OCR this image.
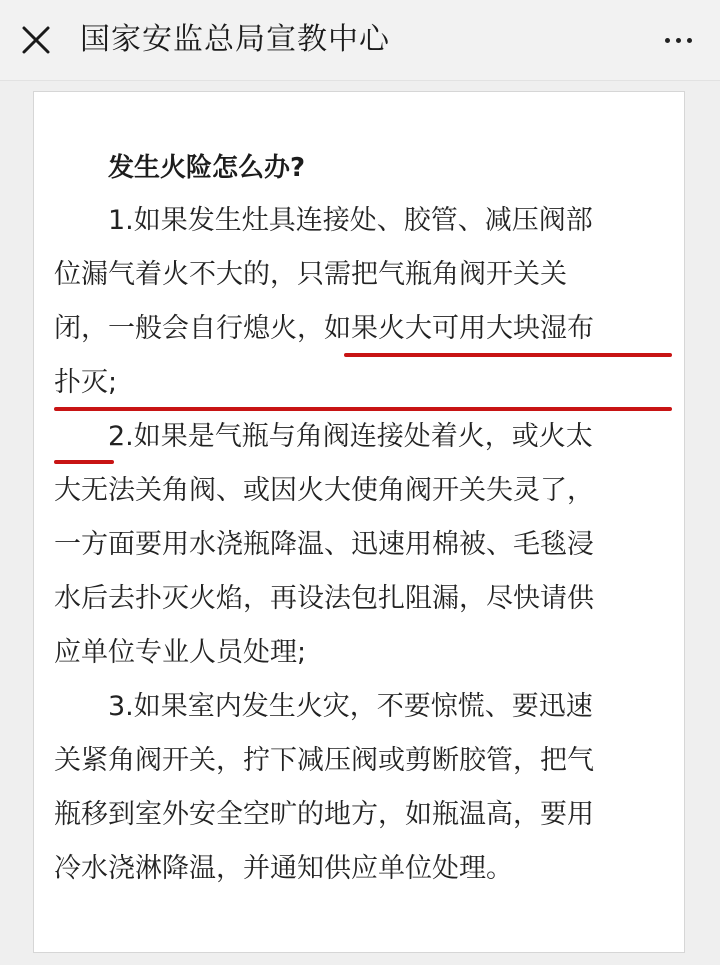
国家安监总局宣教中心
发生火险怎么办?
1.如果发生灶具连接处、胶管、减压阀部
位漏气着火不大的，只需把气瓶角阀开关关
闭，一般会自行熄火，如果火大可用大块湿布
扑灭;
2.如果是气瓶与角阀连接处着火，或火太
大无法关角阀、或因火大使角阀开关失灵了，
一方面要用水浇瓶降温、迅速用棉被、毛毯浸
水后去扑灭火焰，再设法包扎阻漏，尽快请供
应单位专业人员处理;
3.如果室内发生火灾，不要惊慌、要迅速
关紧角阀开关，拧下减压阀或剪断胶管，把气
瓶移到室外安全空旷的地方，如瓶温高，要用
冷水浇淋降温，并通知供应单位处理。
